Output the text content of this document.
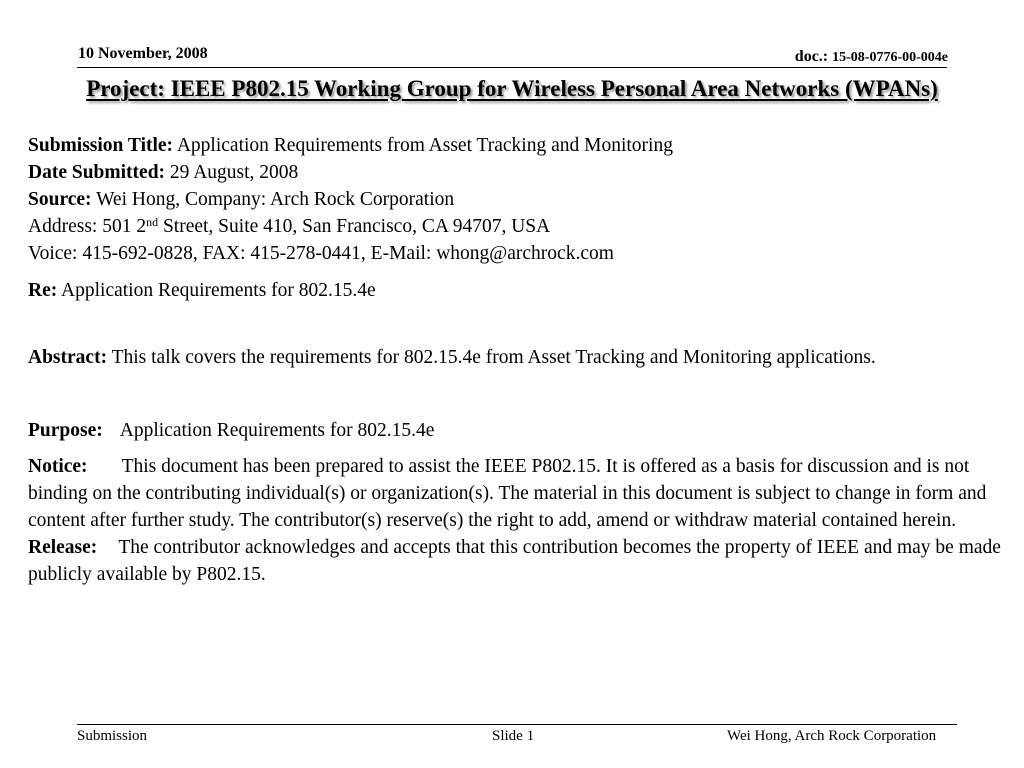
10 November, 2008	doc.: 15-08-0776-00-004e
Project: IEEE P802.15 Working Group for Wireless Personal Area Networks (WPANs)
Submission Title: Application Requirements from Asset Tracking and Monitoring
Date Submitted: 29 August, 2008
Source: Wei Hong, Company: Arch Rock Corporation
Address: 501 2nd Street, Suite 410, San Francisco, CA 94707, USA
Voice: 415-692-0828, FAX: 415-278-0441, E-Mail: whong@archrock.com
Re: Application Requirements for 802.15.4e
Abstract: This talk covers the requirements for 802.15.4e from Asset Tracking and Monitoring applications.
Purpose: Application Requirements for 802.15.4e
Notice: This document has been prepared to assist the IEEE P802.15. It is offered as a basis for discussion and is not binding on the contributing individual(s) or organization(s). The material in this document is subject to change in form and content after further study. The contributor(s) reserve(s) the right to add, amend or withdraw material contained herein.
Release: The contributor acknowledges and accepts that this contribution becomes the property of IEEE and may be made publicly available by P802.15.
Submission	Slide 1	Wei Hong, Arch Rock Corporation
